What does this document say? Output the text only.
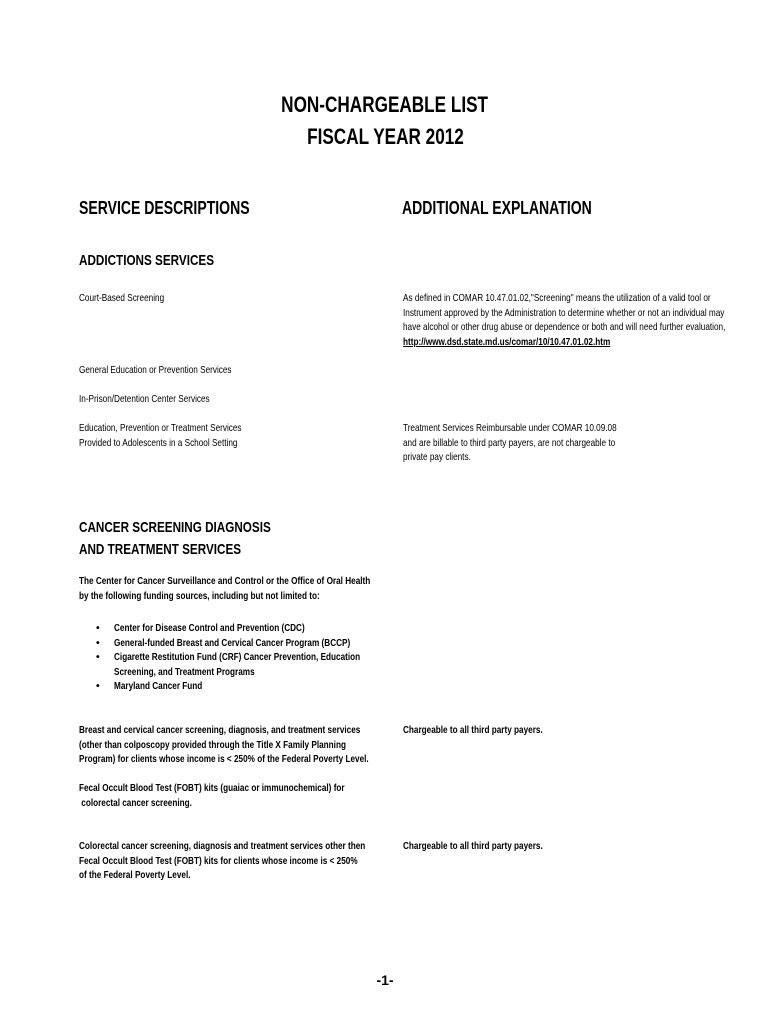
NON-CHARGEABLE LIST
FISCAL YEAR 2012
SERVICE DESCRIPTIONS	ADDITIONAL EXPLANATION
ADDICTIONS SERVICES
Court-Based Screening	As defined in COMAR 10.47.01.02,"Screening" means the utilization of a valid tool or
Instrument approved by the Administration to determine whether or not an individual may
have alcohol or other drug abuse or dependence or both and will need further evaluation,
http://www.dsd.state.md.us/comar/10/10.47.01.02.htm
General Education or Prevention Services
In-Prison/Detention Center Services
Education, Prevention or Treatment Services
Provided to Adolescents in a School Setting
Treatment Services Reimbursable under COMAR 10.09.08
and are billable to third party payers, are not chargeable to
private pay clients.
CANCER SCREENING DIAGNOSIS
AND TREATMENT SERVICES
The Center for Cancer Surveillance and Control or the Office of Oral Health
by the following funding sources, including but not limited to:
• Center for Disease Control and Prevention (CDC)
• General-funded Breast and Cervical Cancer Program (BCCP)
• Cigarette Restitution Fund (CRF) Cancer Prevention, Education
Screening, and Treatment Programs
• Maryland Cancer Fund
Breast and cervical cancer screening, diagnosis, and treatment services
(other than colposcopy provided through the Title X Family Planning
Program) for clients whose income is < 250% of the Federal Poverty Level.
Chargeable to all third party payers.
Fecal Occult Blood Test (FOBT) kits (guaiac or immunochemical) for
colorectal cancer screening.
Colorectal cancer screening, diagnosis and treatment services other then
Fecal Occult Blood Test (FOBT) kits for clients whose income is < 250%
of the Federal Poverty Level.
Chargeable to all third party payers.
-1-
